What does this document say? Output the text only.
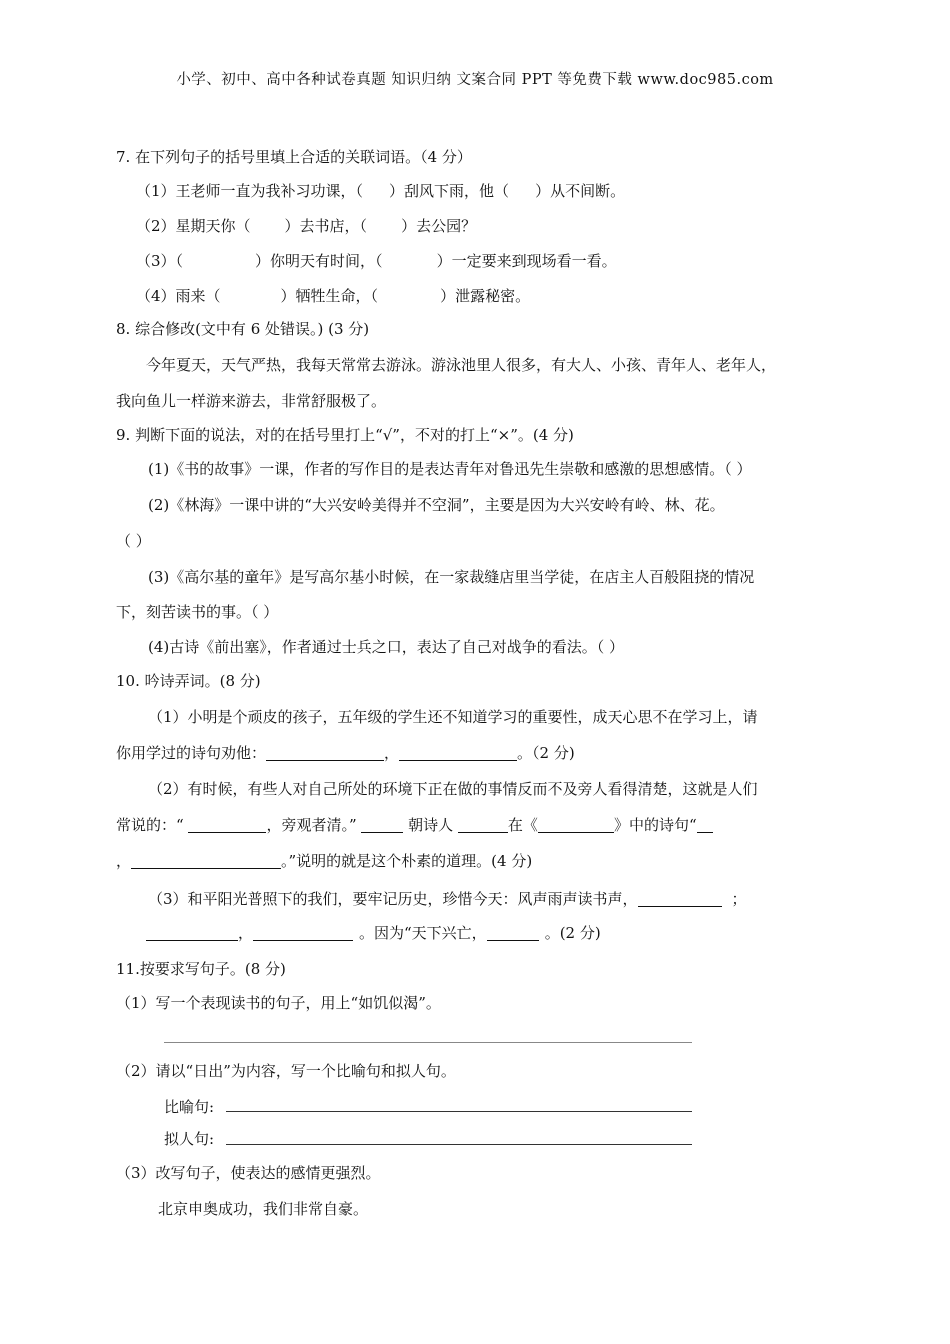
小学、初中、高中各种试卷真题 知识归纳 文案合同 PPT 等免费下载 www.doc985.com
7. 在下列句子的括号里填上合适的关联词语。（4 分）
（1）王老师一直为我补习功课，（ ）刮风下雨，他（ ）从不间断。
（2）星期天你（ ）去书店，（ ）去公园？
（3）（	）你明天有时间，（	）一定要来到现场看一看。
（4）雨来（	）牺牲生命，（	）泄露秘密。
8. 综合修改(文中有 6 处错误。) (3 分)
今年夏天，天气严热，我每天常常去游泳。游泳池里人很多，有大人、小孩、青年人、老年人，
我向鱼儿一样游来游去，非常舒服极了。
9. 判断下面的说法，对的在括号里打上“√”，不对的打上“×”。(4 分)
(1)《书的故事》一课，作者的写作目的是表达青年对鲁迅先生崇敬和感激的思想感情。（ ）
(2)《林海》一课中讲的“大兴安岭美得并不空洞”，主要是因为大兴安岭有岭、林、花。
（ ）
(3)《高尔基的童年》是写高尔基小时候，在一家裁缝店里当学徒，在店主人百般阻挠的情况
下，刻苦读书的事。（ ）
(4)古诗《前出塞》，作者通过士兵之口，表达了自己对战争的看法。（ ）
10. 吟诗弄词。(8 分)
（1）小明是个顽皮的孩子，五年级的学生还不知道学习的重要性，成天心思不在学习上，请
你用学过的诗句劝他：	，	。（2 分)
（2）有时候，有些人对自己所处的环境下正在做的事情反而不及旁人看得清楚，这就是人们
常说的：“	，旁观者清。”	朝诗人	在《	》中的诗句“
，	。”说明的就是这个朴素的道理。(4 分)
（3）和平阳光普照下的我们，要牢记历史，珍惜今天：风声雨声读书声，	；
，	。因为“天下兴亡，	。(2 分)
11.按要求写句子。(8 分)
（1）写一个表现读书的句子，用上“如饥似渴”。
（2）请以“日出”为内容，写一个比喻句和拟人句。
比喻句:
拟人句:
（3）改写句子，使表达的感情更强烈。
北京申奥成功，我们非常自豪。
